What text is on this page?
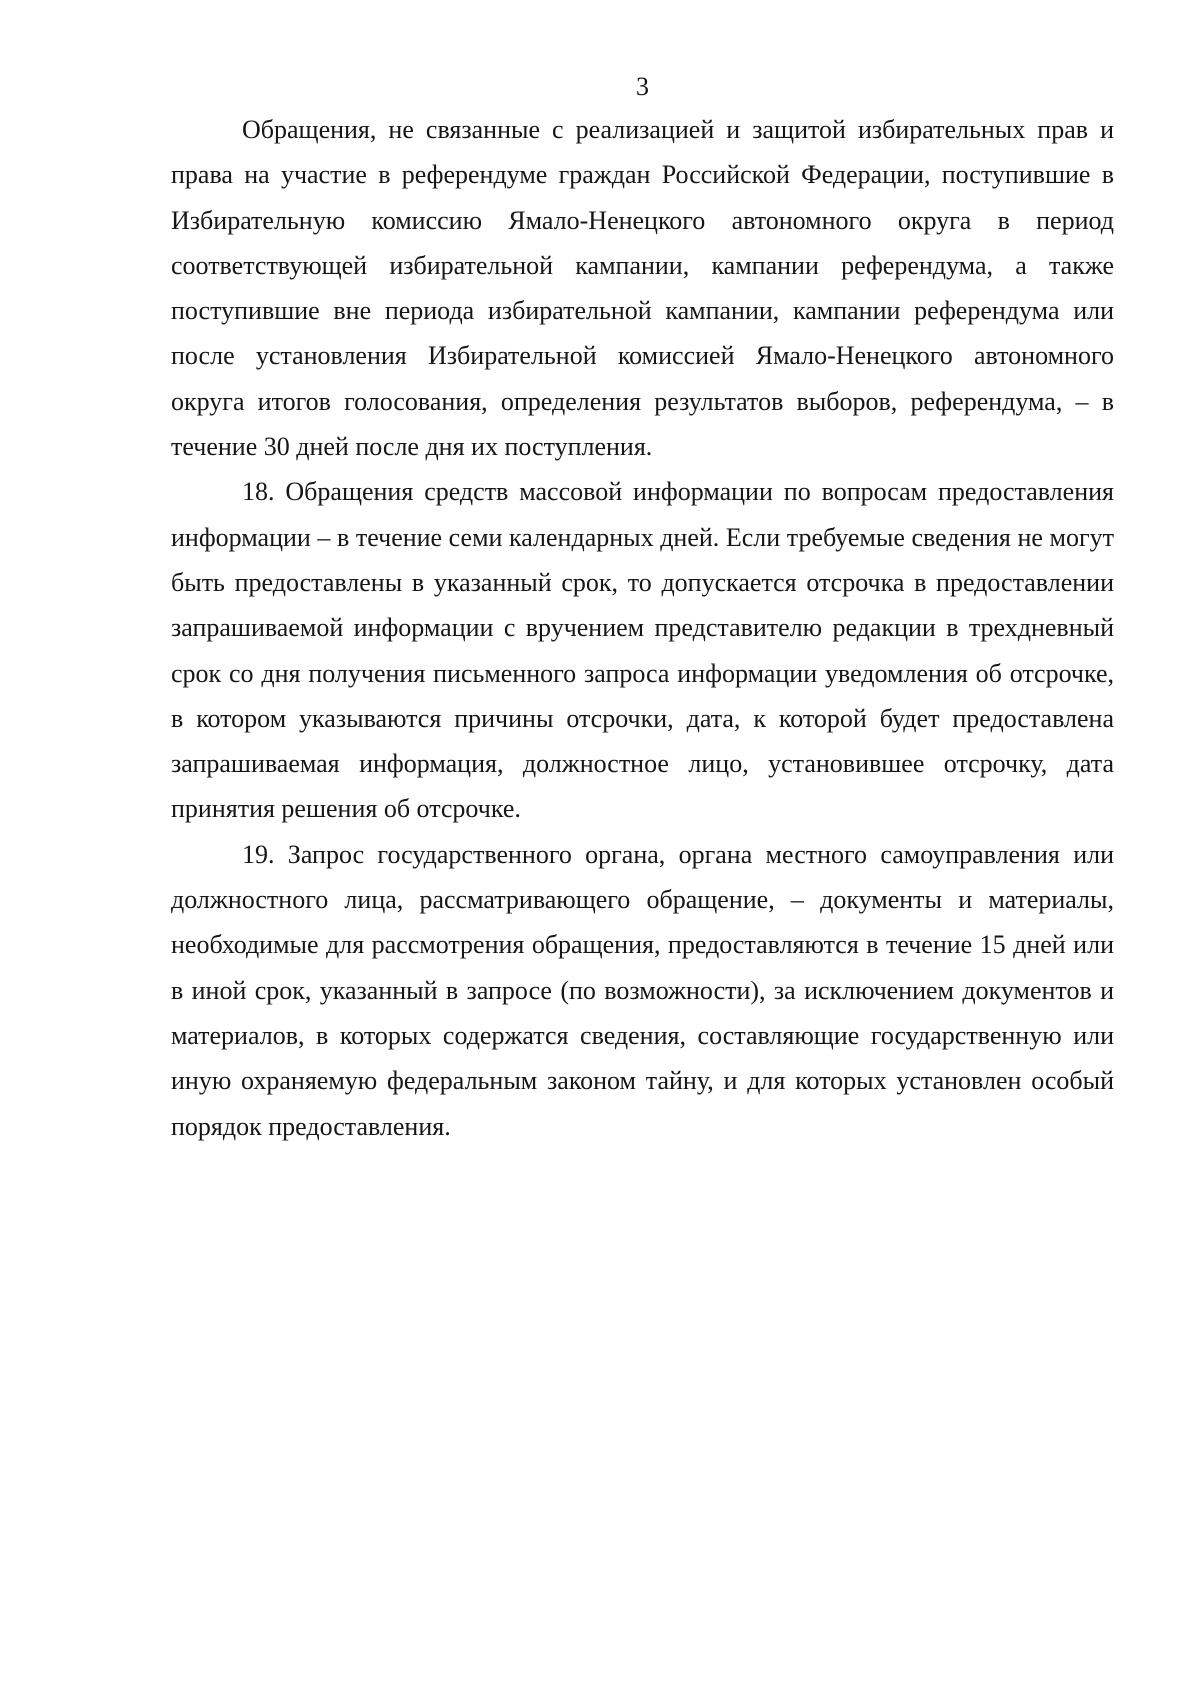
3
Обращения, не связанные с реализацией и защитой избирательных прав и
права на участие в референдуме граждан Российской Федерации, поступившие в
Избирательную комиссию Ямало-Ненецкого автономного округа в период
соответствующей избирательной кампании, кампании референдума, а также
поступившие вне периода избирательной кампании, кампании референдума или
после установления Избирательной комиссией Ямало-Ненецкого автономного
округа итогов голосования, определения результатов выборов, референдума, – в
течение 30 дней после дня их поступления.
18. Обращения средств массовой информации по вопросам предоставления
информации – в течение семи календарных дней. Если требуемые сведения не могут
быть предоставлены в указанный срок, то допускается отсрочка в предоставлении
запрашиваемой информации с вручением представителю редакции в трехдневный
срок со дня получения письменного запроса информации уведомления об отсрочке,
в котором указываются причины отсрочки, дата, к которой будет предоставлена
запрашиваемая информация, должностное лицо, установившее отсрочку, дата
принятия решения об отсрочке.
19. Запрос государственного органа, органа местного самоуправления или
должностного лица, рассматривающего обращение, – документы и материалы,
необходимые для рассмотрения обращения, предоставляются в течение 15 дней или
в иной срок, указанный в запросе (по возможности), за исключением документов и
материалов, в которых содержатся сведения, составляющие государственную или
иную охраняемую федеральным законом тайну, и для которых установлен особый
порядок предоставления.
